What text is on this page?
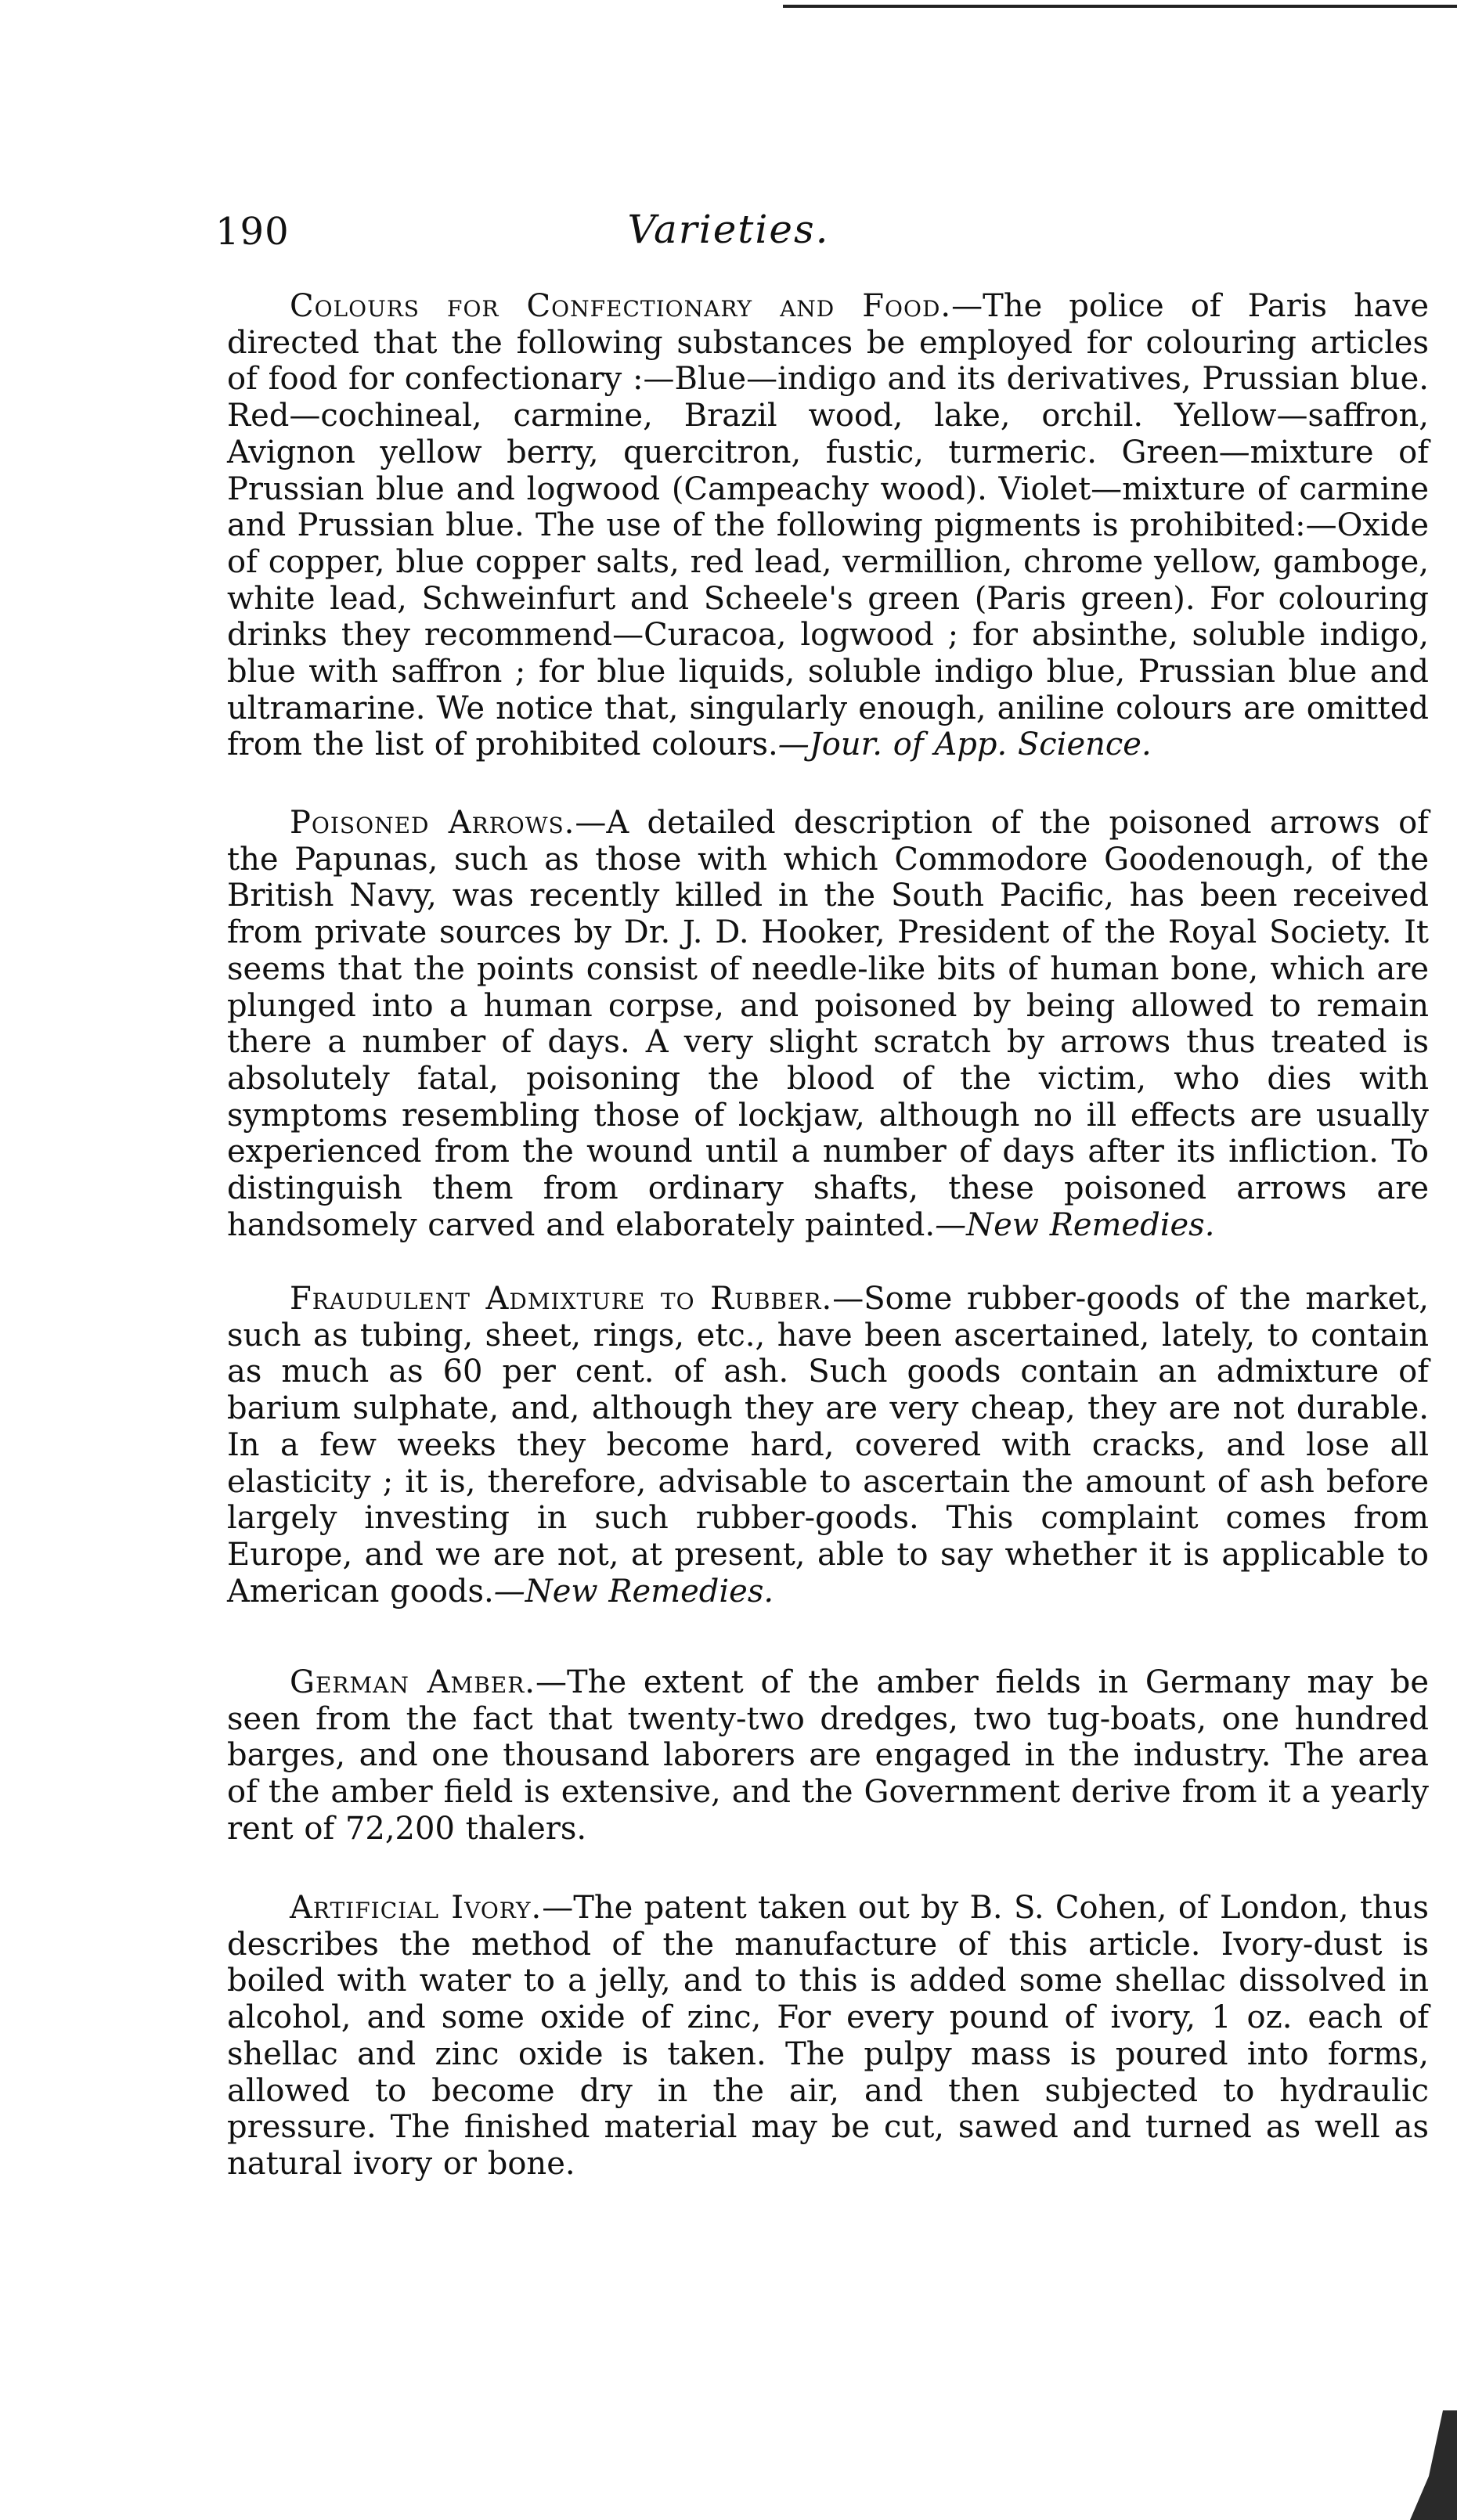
190	Varieties.

Colours for Confectionary and Food.—The police of Paris have directed that the following substances be employed for colouring articles of food for confectionary :—Blue—indigo and its derivatives, Prussian blue. Red—cochineal, carmine, Brazil wood, lake, orchil. Yellow—saffron, Avignon yellow berry, quercitron, fustic, turmeric. Green—mixture of Prussian blue and logwood (Campeachy wood). Violet—mixture of carmine and Prussian blue. The use of the following pigments is prohibited:—Oxide of copper, blue copper salts, red lead, vermillion, chrome yellow, gamboge, white lead, Schweinfurt and Scheele's green (Paris green). For colouring drinks they recommend—Curacoa, logwood ; for absinthe, soluble indigo, blue with saffron ; for blue liquids, soluble indigo blue, Prussian blue and ultramarine. We notice that, singularly enough, aniline colours are omitted from the list of prohibited colours.—Jour. of App. Science.

Poisoned Arrows.—A detailed description of the poisoned arrows of the Papunas, such as those with which Commodore Goodenough, of the British Navy, was recently killed in the South Pacific, has been received from private sources by Dr. J. D. Hooker, President of the Royal Society. It seems that the points consist of needle-like bits of human bone, which are plunged into a human corpse, and poisoned by being allowed to remain there a number of days. A very slight scratch by arrows thus treated is absolutely fatal, poisoning the blood of the victim, who dies with symptoms resembling those of lockjaw, although no ill effects are usually experienced from the wound until a number of days after its infliction. To distinguish them from ordinary shafts, these poisoned arrows are handsomely carved and elaborately painted.—New Remedies.

Fraudulent Admixture to Rubber.—Some rubber-goods of the market, such as tubing, sheet, rings, etc., have been ascertained, lately, to contain as much as 60 per cent. of ash. Such goods contain an admixture of barium sulphate, and, although they are very cheap, they are not durable. In a few weeks they become hard, covered with cracks, and lose all elasticity ; it is, therefore, advisable to ascertain the amount of ash before largely investing in such rubber-goods. This complaint comes from Europe, and we are not, at present, able to say whether it is applicable to American goods.—New Remedies.

German Amber.—The extent of the amber fields in Germany may be seen from the fact that twenty-two dredges, two tug-boats, one hundred barges, and one thousand laborers are engaged in the industry. The area of the amber field is extensive, and the Government derive from it a yearly rent of 72,200 thalers.

Artificial Ivory.—The patent taken out by B. S. Cohen, of London, thus describes the method of the manufacture of this article. Ivory-dust is boiled with water to a jelly, and to this is added some shellac dissolved in alcohol, and some oxide of zinc, For every pound of ivory, 1 oz. each of shellac and zinc oxide is taken. The pulpy mass is poured into forms, allowed to become dry in the air, and then subjected to hydraulic pressure. The finished material may be cut, sawed and turned as well as natural ivory or bone.
